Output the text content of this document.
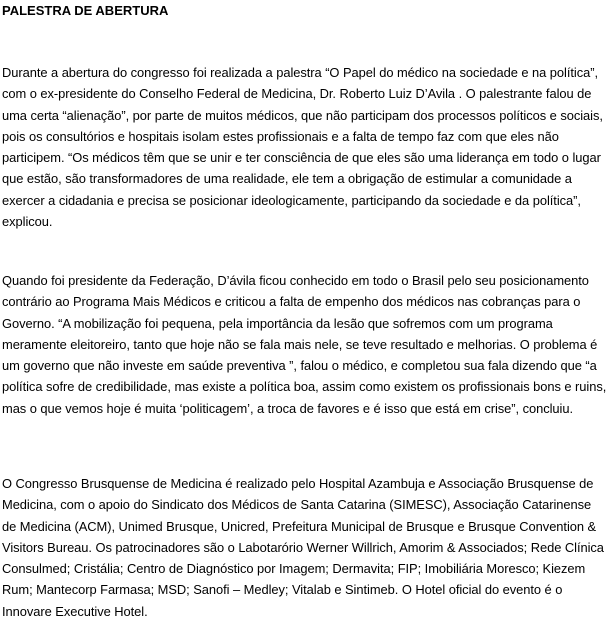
PALESTRA DE ABERTURA

Durante a abertura do congresso foi realizada a palestra “O Papel do médico na sociedade e na política”, com o ex-presidente do Conselho Federal de Medicina, Dr. Roberto Luiz D’Avila . O palestrante falou de uma certa “alienação”, por parte de muitos médicos, que não participam dos processos políticos e sociais, pois os consultórios e hospitais isolam estes profissionais e a falta de tempo faz com que eles não participem. “Os médicos têm que se unir e ter consciência de que eles são uma liderança em todo o lugar que estão, são transformadores de uma realidade, ele tem a obrigação de estimular a comunidade a exercer a cidadania e precisa se posicionar ideologicamente, participando da sociedade e da política”, explicou.

Quando foi presidente da Federação, D’ávila ficou conhecido em todo o Brasil pelo seu posicionamento contrário ao Programa Mais Médicos e criticou a falta de empenho dos médicos nas cobranças para o Governo. “A mobilização foi pequena, pela importância da lesão que sofremos com um programa meramente eleitoreiro, tanto que hoje não se fala mais nele, se teve resultado e melhorias. O problema é um governo que não investe em saúde preventiva ”, falou o médico, e completou sua fala dizendo que “a política sofre de credibilidade, mas existe a política boa, assim como existem os profissionais bons e ruins, mas o que vemos hoje é muita ‘politicagem’, a troca de favores e é isso que está em crise”, concluiu.

O Congresso Brusquense de Medicina é realizado pelo Hospital Azambuja e Associação Brusquense de Medicina, com o apoio do Sindicato dos Médicos de Santa Catarina (SIMESC), Associação Catarinense de Medicina (ACM), Unimed Brusque, Unicred, Prefeitura Municipal de Brusque e Brusque Convention & Visitors Bureau. Os patrocinadores são o Labotarório Werner Willrich, Amorim & Associados; Rede Clínica Consulmed; Cristália; Centro de Diagnóstico por Imagem; Dermavita; FIP; Imobiliária Moresco; Kiezem Rum; Mantecorp Farmasa; MSD; Sanofi – Medley; Vitalab e Sintimeb. O Hotel oficial do evento é o Innovare Executive Hotel.
